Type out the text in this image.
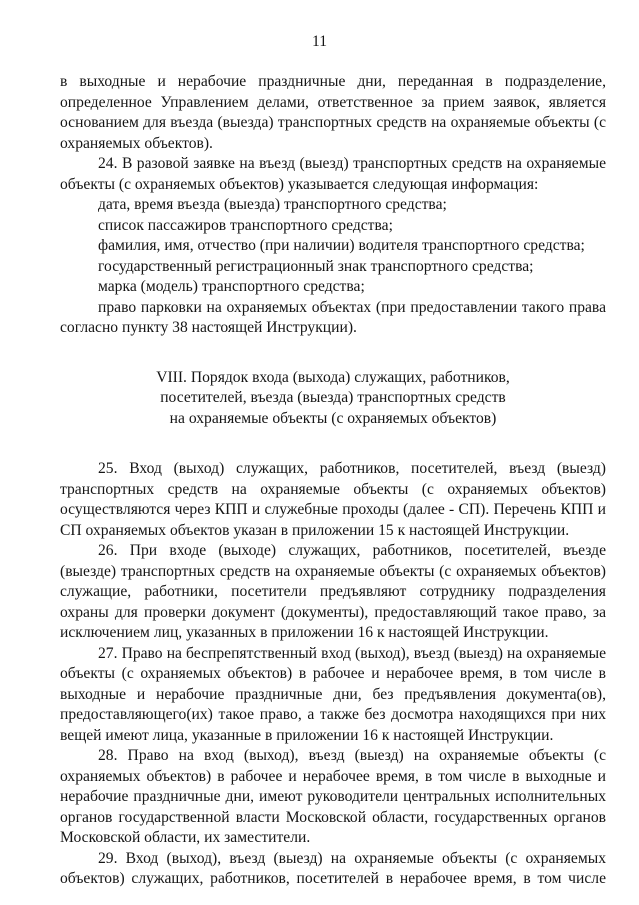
11

в выходные и нерабочие праздничные дни, переданная в подразделение, определенное Управлением делами, ответственное за прием заявок, является основанием для въезда (выезда) транспортных средств на охраняемые объекты (с охраняемых объектов).

24. В разовой заявке на въезд (выезд) транспортных средств на охраняемые объекты (с охраняемых объектов) указывается следующая информация:

дата, время въезда (выезда) транспортного средства;

список пассажиров транспортного средства;

фамилия, имя, отчество (при наличии) водителя транспортного средства;

государственный регистрационный знак транспортного средства;

марка (модель) транспортного средства;

право парковки на охраняемых объектах (при предоставлении такого права согласно пункту 38 настоящей Инструкции).

VIII. Порядок входа (выхода) служащих, работников,
посетителей, въезда (выезда) транспортных средств
на охраняемые объекты (с охраняемых объектов)

25. Вход (выход) служащих, работников, посетителей, въезд (выезд) транспортных средств на охраняемые объекты (с охраняемых объектов) осуществляются через КПП и служебные проходы (далее - СП). Перечень КПП и СП охраняемых объектов указан в приложении 15 к настоящей Инструкции.

26. При входе (выходе) служащих, работников, посетителей, въезде (выезде) транспортных средств на охраняемые объекты (с охраняемых объектов) служащие, работники, посетители предъявляют сотруднику подразделения охраны для проверки документ (документы), предоставляющий такое право, за исключением лиц, указанных в приложении 16 к настоящей Инструкции.

27. Право на беспрепятственный вход (выход), въезд (выезд) на охраняемые объекты (с охраняемых объектов) в рабочее и нерабочее время, в том числе в выходные и нерабочие праздничные дни, без предъявления документа(ов), предоставляющего(их) такое право, а также без досмотра находящихся при них вещей имеют лица, указанные в приложении 16 к настоящей Инструкции.

28. Право на вход (выход), въезд (выезд) на охраняемые объекты (с охраняемых объектов) в рабочее и нерабочее время, в том числе в выходные и нерабочие праздничные дни, имеют руководители центральных исполнительных органов государственной власти Московской области, государственных органов Московской области, их заместители.

29. Вход (выход), въезд (выезд) на охраняемые объекты (с охраняемых объектов) служащих, работников, посетителей в нерабочее время, в том числе
